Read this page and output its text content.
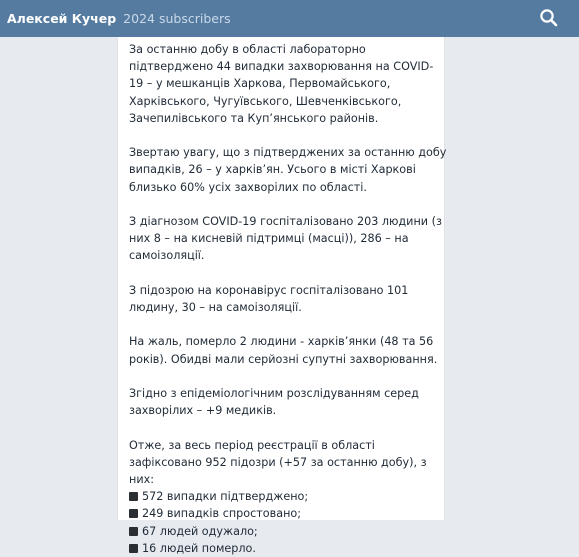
Алексей Кучер 2024 subscribers

За останню добу в області лабораторно підтверджено 44 випадки захворювання на COVID-19 – у мешканців Харкова, Первомайського, Харківського, Чугуївського, Шевченківського, Зачепилівського та Куп’янського районів.

Звертаю увагу, що з підтверджених за останню добу випадків, 26 – у харків’ян. Усього в місті Харкові близько 60% усіх захворілих по області.

З діагнозом COVID-19 госпіталізовано 203 людини (з них 8 – на кисневій підтримці (масці)), 286 – на самоізоляції.

З підозрою на коронавірус госпіталізовано 101 людину, 30 – на самоізоляції.

На жаль, померло 2 людини - харків’янки (48 та 56 років). Обидві мали серйозні супутні захворювання.

Згідно з епідеміологічним розслідуванням серед захворілих – +9 медиків.

Отже, за весь період реєстрації в області зафіксовано 952 підозри (+57 за останню добу), з них:

572 випадки підтверджено;
249 випадків спростовано;
67 людей одужало;
16 людей померло.
